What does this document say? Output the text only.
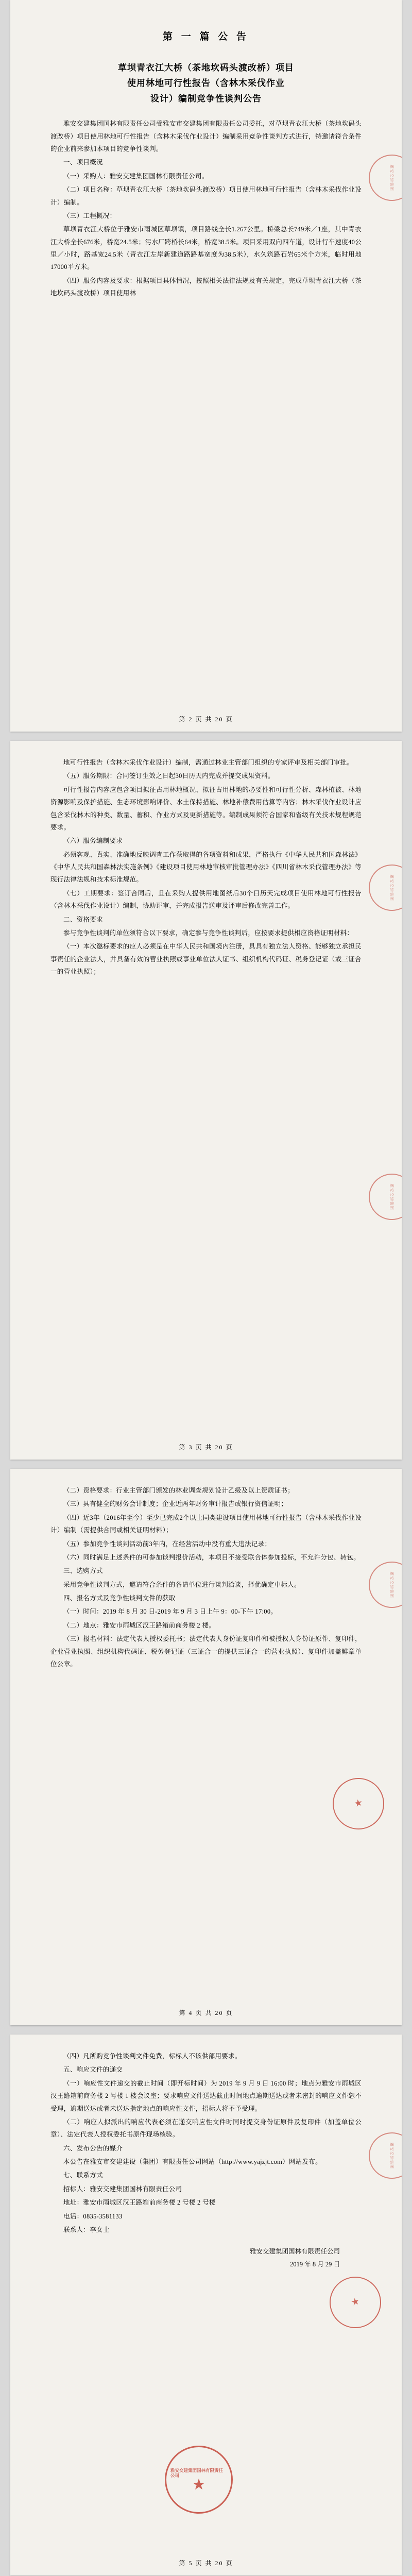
雅安交建集团
第 一 篇 公 告
草坝青衣江大桥（茶地坎码头渡改桥）项目
使用林地可行性报告（含林木采伐作业
设计）编制竞争性谈判公告

雅安交建集团国林有限责任公司受雅安市交建集团有限责任公司委托，对草坝青衣江大桥（茶地坎码头渡改桥）项目使用林地可行性报告（含林木采伐作业设计）编制采用竞争性谈判方式进行，特邀请符合条件的企业前来参加本项目的竞争性谈判。

一、项目概况

（一）采购人：雅安交建集团国林有限责任公司。

（二）项目名称：草坝青衣江大桥（茶地坎码头渡改桥）项目使用林地可行性报告（含林木采伐作业设计）编制。

（三）工程概况：

草坝青衣江大桥位于雅安市雨城区草坝镇，项目路线全长1.267公里。桥梁总长749米／1座，其中青衣江大桥全长676米，桥宽24.5米；污水厂跨桥长64米，桥宽38.5米。项目采用双向四车道，设计行车速度40公里／小时，路基宽24.5米（青衣江左岸新建道路路基宽度为38.5米），水久筑路石岩65米个方米，临时用地17000平方米。

（四）服务内容及要求：根据项目具体情况，按照相关法律法规及有关规定，完成草坝青衣江大桥（茶地坎码头渡改桥）项目使用林

第 2 页 共 20 页
雅安交建集团
雅安交建集团

地可行性报告（含林木采伐作业设计）编制，需通过林业主管部门组织的专家评审及相关部门审批。

（五）服务期限：合同签订生效之日起30日历天内完成并提交成果资料。

可行性报告内容应包含项目拟征占用林地概况、拟征占用林地的必要性和可行性分析、森林植被、林地资源影响及保护措施、生态环境影响评价、水土保持措施、林地补偿费用估算等内容；林木采伐作业设计应包含采伐林木的种类、数量、蓄积、作业方式及更新措施等。编制成果须符合国家和省级有关技术规程规范要求。

（六）服务编制要求

必须客观、真实、准确地反映调查工作获取得的各项资料和成果，严格执行《中华人民共和国森林法》《中华人民共和国森林法实施条例》《建设项目使用林地审核审批管理办法》《四川省林木采伐管理办法》等现行法律法规和技术标准规范。

（七）工期要求：签订合同后，且在采购人提供用地图纸后30个日历天完成项目使用林地可行性报告（含林木采伐作业设计）编制，协助评审，并完成报告送审及评审后修改完善工作。

二、资格要求

参与竞争性谈判的单位须符合以下要求，确定参与竞争性谈判后，应按要求提供相应资格证明材料：

（一）本次邀标要求的应人必须是在中华人民共和国境内注册，具具有独立法人资格、能够独立承担民事责任的企业法人，并具备有效的营业执照或事业单位法人证书、组织机构代码证、税务登记证（或三证合一的营业执照）；

第 3 页 共 20 页
雅安交建集团
★

（二）资格要求：行业主管部门颁发的林业调查规划设计乙级及以上资质证书；

（三）具有健全的财务会计制度；企业近两年财务审计报告或银行资信证明；

（四）近3年（2016年至今）至少已完成2个以上同类建设项目使用林地可行性报告（含林木采伐作业设计）编制（需提供合同或相关证明材料）；

（五）参加竞争性谈判活动前3年内，在经营活动中没有重大违法记录；

（六）同时满足上述条件的可参加谈判报价活动，本项目不接受联合体参加投标，不允许分包、转包。

三、选购方式

采用竞争性谈判方式，邀请符合条件的各请单位进行谈判洽谈，择优确定中标人。

四、报名方式及竞争性谈判文件的获取

（一）时间：2019 年 8 月 30 日-2019 年 9 月 3 日上午 9：00-下午 17:00。

（二）地点：雅安市雨城区汉王路箱前商务楼 2 楼。

（三）报名材料：法定代表人授权委托书；法定代表人身份证复印件和被授权人身份证原件、复印件，企业营业执照、组织机构代码证、税务登记证（三证合一的提供三证合一的营业执照）、复印件加盖鲜章单位公章。

第 4 页 共 20 页
雅安交建集团
★
雅安交建集团国林有限责任公司
★

（四）凡所购竞争性谈判文件免费，标标人不该供部用要求。

五、响应文件的递交

（一）响应性文件递交的截止时间（即开标时间）为 2019 年 9 月 9 日 16:00 时；地点为雅安市雨城区汉王路箱前商务楼 2 号楼 1 楼会议室；要求响应文件送达截止时间地点逾期送达或者未密封的响应文件恕不受理，逾期送达或者未送达指定地点的响应性文件，招标人将不予受理。

（二）响应人拟派出的响应代表必须在递交响应性文件时同时提交身份证原件及复印件（加盖单位公章）、法定代表人授权委托书原件现场核验。

六、发布公告的媒介

本公告在雅安市交建建设（集团）有限责任公司网站（http://www.yajzjt.com）网站发布。

七、联系方式

招标人：雅安交建集团国林有限责任公司

地址：雅安市雨城区汉王路箱前商务楼 2 号楼 2 号楼

电话：0835-3581133

联系人：李女士

雅安交建集团国林有限责任公司
2019 年 8 月 29 日
第 5 页 共 20 页
